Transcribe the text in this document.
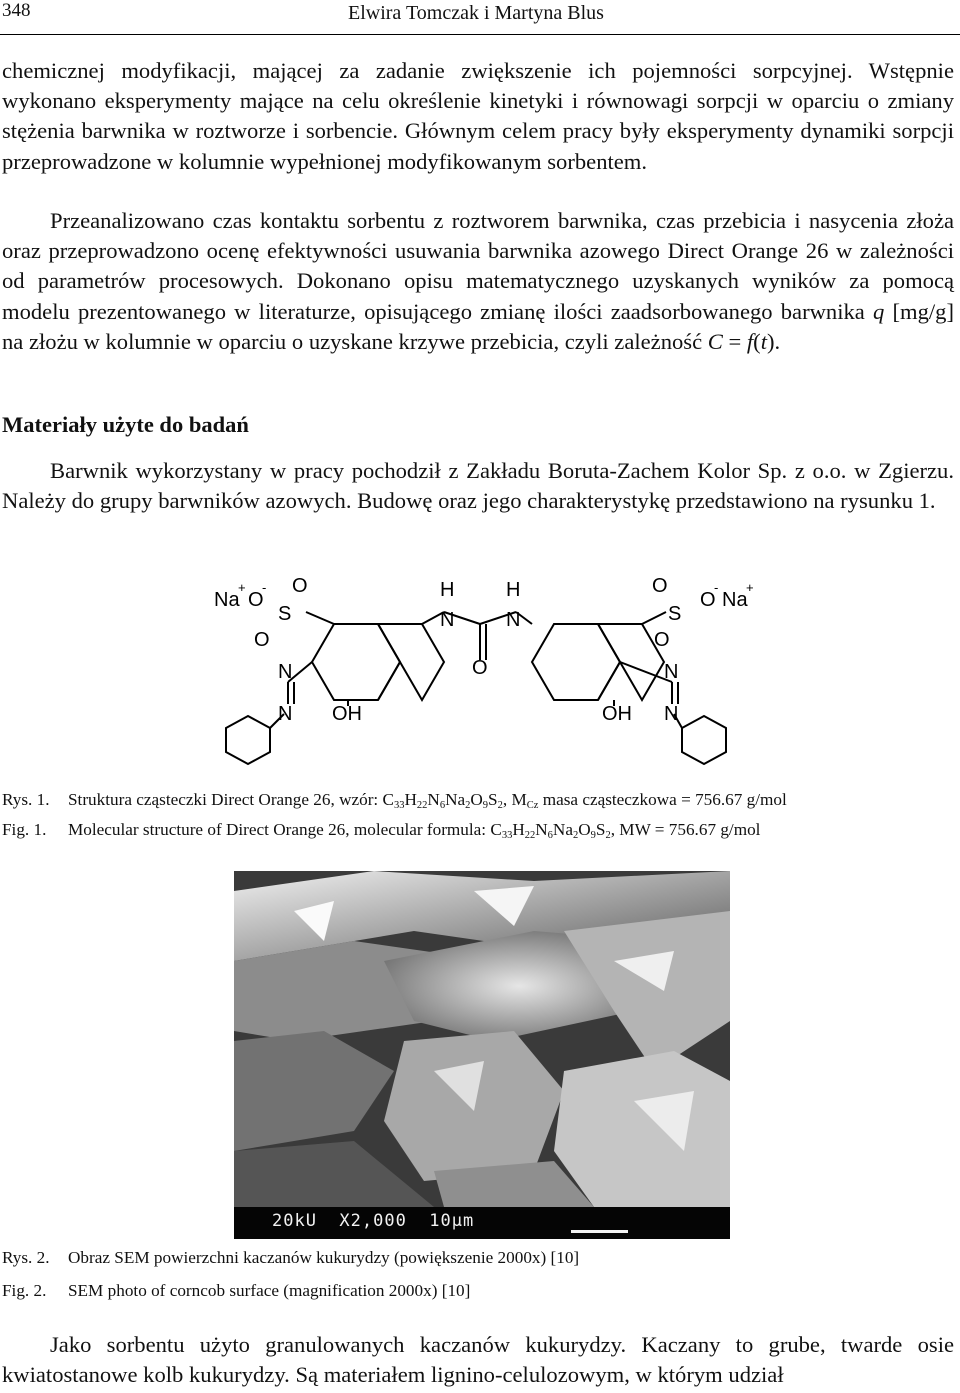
348	Elwira Tomczak i Martyna Blus

chemicznej modyfikacji, mającej za zadanie zwiększenie ich pojemności sorpcyjnej. Wstępnie wykonano eksperymenty mające na celu określenie kinetyki i równowagi sorpcji w oparciu o zmiany stężenia barwnika w roztworze i sorbencie. Głównym celem pracy były eksperymenty dynamiki sorpcji przeprowadzone w kolumnie wypełnionej modyfikowanym sorbentem.

Przeanalizowano czas kontaktu sorbentu z roztworem barwnika, czas przebicia i nasycenia złoża oraz przeprowadzono ocenę efektywności usuwania barwnika azowego Direct Orange 26 w zależności od parametrów procesowych. Dokonano opisu matematycznego uzyskanych wyników za pomocą modelu prezentowanego w literaturze, opisującego zmianę ilości zaadsorbowanego barwnika q [mg/g] na złożu w kolumnie w oparciu o uzyskane krzywe przebicia, czyli zależność C = f(t).

Materiały użyte do badań

Barwnik wykorzystany w pracy pochodził z Zakładu Boruta-Zachem Kolor Sp. z o.o. w Zgierzu. Należy do grupy barwników azowych. Budowę oraz jego charakterystykę przedstawiono na rysunku 1.

Na
+
O
-
S
O
O
N
N OH
H
N
O
H
N
OH
N
N
S
O
O
O
-
Na
+
Rys. 1. Struktura cząsteczki Direct Orange 26, wzór: $C_{33}H_{22}N_6Na_2O_9S_2$, $M_{Cz}$ masa cząsteczkowa = 756.67 g/mol
Fig. 1. Molecular structure of Direct Orange 26, molecular formula: $C_{33}H_{22}N_6Na_2O_9S_2$, MW = 756.67 g/mol
20kU  X2,000  10μm
Rys. 2. Obraz SEM powierzchni kaczanów kukurydzy (powiększenie 2000x) [10]
Fig. 2. SEM photo of corncob surface (magnification 2000x) [10]

Jako sorbentu użyto granulowanych kaczanów kukurydzy. Kaczany to grube, twarde osie kwiatostanowe kolb kukurydzy. Są materiałem lignino-celulozowym, w którym udział
